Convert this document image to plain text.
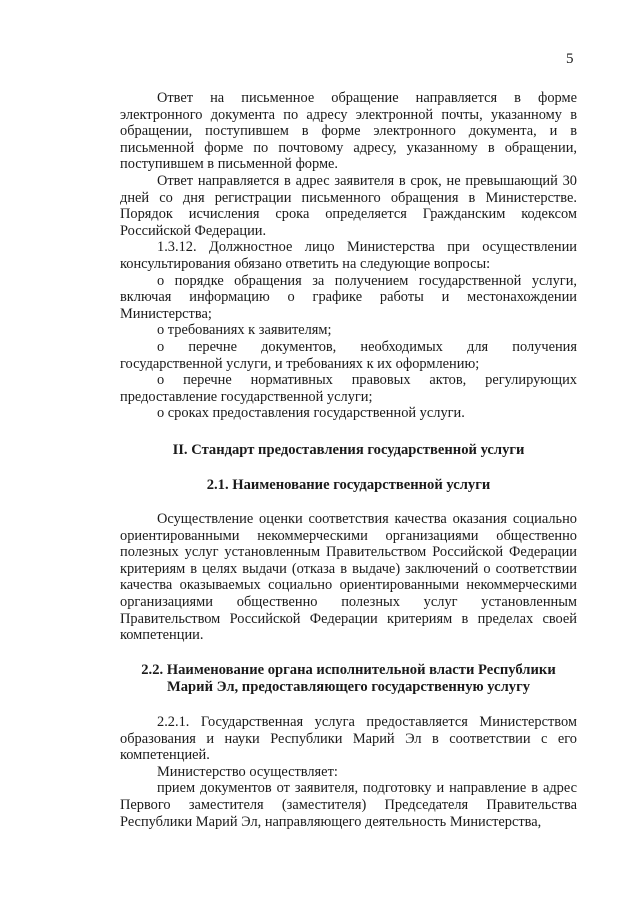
5

Ответ на письменное обращение направляется в форме электронного документа по адресу электронной почты, указанному в обращении, поступившем в форме электронного документа, и в письменной форме по почтовому адресу, указанному в обращении, поступившем в письменной форме.

Ответ направляется в адрес заявителя в срок, не превышающий 30 дней со дня регистрации письменного обращения в Министерстве. Порядок исчисления срока определяется Гражданским кодексом Российской Федерации.

1.3.12. Должностное лицо Министерства при осуществлении консультирования обязано ответить на следующие вопросы:

о порядке обращения за получением государственной услуги, включая информацию о графике работы и местонахождении Министерства;

о требованиях к заявителям;

о перечне документов, необходимых для получения государственной услуги, и требованиях к их оформлению;

о перечне нормативных правовых актов, регулирующих предоставление государственной услуги;

о сроках предоставления государственной услуги.

II. Стандарт предоставления государственной услуги

2.1. Наименование государственной услуги

Осуществление оценки соответствия качества оказания социально ориентированными некоммерческими организациями общественно полезных услуг установленным Правительством Российской Федерации критериям в целях выдачи (отказа в выдаче) заключений о соответствии качества оказываемых социально ориентированными некоммерческими организациями общественно полезных услуг установленным Правительством Российской Федерации критериям в пределах своей компетенции.

2.2. Наименование органа исполнительной власти Республики

Марий Эл, предоставляющего государственную услугу

2.2.1. Государственная услуга предоставляется Министерством образования и науки Республики Марий Эл в соответствии с его компетенцией.

Министерство осуществляет:

прием документов от заявителя, подготовку и направление в адрес Первого заместителя (заместителя) Председателя Правительства Республики Марий Эл, направляющего деятельность Министерства,
